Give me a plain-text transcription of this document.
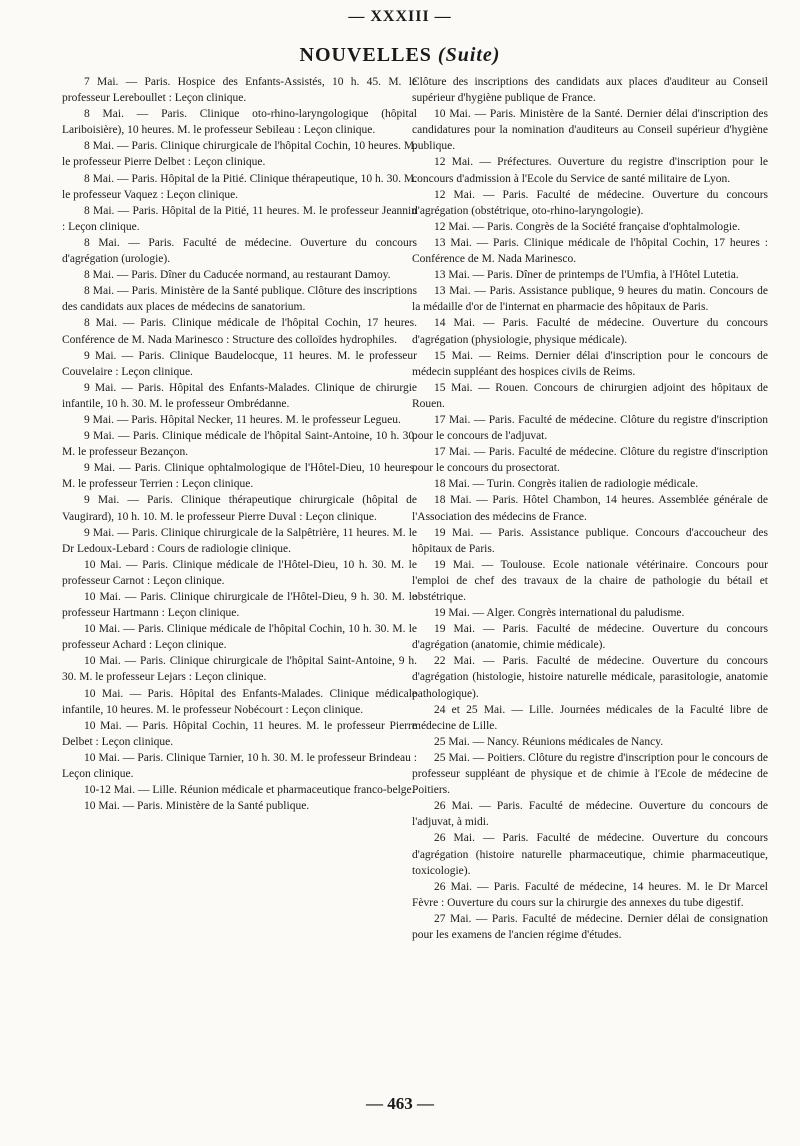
— XXXIII —
NOUVELLES (Suite)

7 Mai. — Paris. Hospice des Enfants-Assistés, 10 h. 45. M. le professeur Lereboullet : Leçon clinique.

8 Mai. — Paris. Clinique oto-rhino-laryngologique (hôpital Lariboisière), 10 heures. M. le professeur Sebileau : Leçon clinique.

8 Mai. — Paris. Clinique chirurgicale de l'hôpital Cochin, 10 heures. M. le professeur Pierre Delbet : Leçon clinique.

8 Mai. — Paris. Hôpital de la Pitié. Clinique thérapeutique, 10 h. 30. M. le professeur Vaquez : Leçon clinique.

8 Mai. — Paris. Hôpital de la Pitié, 11 heures. M. le professeur Jeannin : Leçon clinique.

8 Mai. — Paris. Faculté de médecine. Ouverture du concours d'agrégation (urologie).

8 Mai. — Paris. Dîner du Caducée normand, au restaurant Damoy.

8 Mai. — Paris. Ministère de la Santé publique. Clôture des inscriptions des candidats aux places de médecins de sanatorium.

8 Mai. — Paris. Clinique médicale de l'hôpital Cochin, 17 heures. Conférence de M. Nada Marinesco : Structure des colloïdes hydrophiles.

9 Mai. — Paris. Clinique Baudelocque, 11 heures. M. le professeur Couvelaire : Leçon clinique.

9 Mai. — Paris. Hôpital des Enfants-Malades. Clinique de chirurgie infantile, 10 h. 30. M. le professeur Ombrédanne.

9 Mai. — Paris. Hôpital Necker, 11 heures. M. le professeur Legueu.

9 Mai. — Paris. Clinique médicale de l'hôpital Saint-Antoine, 10 h. 30. M. le professeur Bezançon.

9 Mai. — Paris. Clinique ophtalmologique de l'Hôtel-Dieu, 10 heures. M. le professeur Terrien : Leçon clinique.

9 Mai. — Paris. Clinique thérapeutique chirurgicale (hôpital de Vaugirard), 10 h. 10. M. le professeur Pierre Duval : Leçon clinique.

9 Mai. — Paris. Clinique chirurgicale de la Salpêtrière, 11 heures. M. le Dr Ledoux-Lebard : Cours de radiologie clinique.

10 Mai. — Paris. Clinique médicale de l'Hôtel-Dieu, 10 h. 30. M. le professeur Carnot : Leçon clinique.

10 Mai. — Paris. Clinique chirurgicale de l'Hôtel-Dieu, 9 h. 30. M. le professeur Hartmann : Leçon clinique.

10 Mai. — Paris. Clinique médicale de l'hôpital Cochin, 10 h. 30. M. le professeur Achard : Leçon clinique.

10 Mai. — Paris. Clinique chirurgicale de l'hôpital Saint-Antoine, 9 h. 30. M. le professeur Lejars : Leçon clinique.

10 Mai. — Paris. Hôpital des Enfants-Malades. Clinique médicale infantile, 10 heures. M. le professeur Nobécourt : Leçon clinique.

10 Mai. — Paris. Hôpital Cochin, 11 heures. M. le professeur Pierre Delbet : Leçon clinique.

10 Mai. — Paris. Clinique Tarnier, 10 h. 30. M. le professeur Brindeau : Leçon clinique.

10-12 Mai. — Lille. Réunion médicale et pharmaceutique franco-belge.

10 Mai. — Paris. Ministère de la Santé publique.

Clôture des inscriptions des candidats aux places d'auditeur au Conseil supérieur d'hygiène publique de France.

10 Mai. — Paris. Ministère de la Santé. Dernier délai d'inscription des candidatures pour la nomination d'auditeurs au Conseil supérieur d'hygiène publique.

12 Mai. — Préfectures. Ouverture du registre d'inscription pour le concours d'admission à l'Ecole du Service de santé militaire de Lyon.

12 Mai. — Paris. Faculté de médecine. Ouverture du concours d'agrégation (obstétrique, oto-rhino-laryngologie).

12 Mai. — Paris. Congrès de la Société française d'ophtalmologie.

13 Mai. — Paris. Clinique médicale de l'hôpital Cochin, 17 heures : Conférence de M. Nada Marinesco.

13 Mai. — Paris. Dîner de printemps de l'Umfia, à l'Hôtel Lutetia.

13 Mai. — Paris. Assistance publique, 9 heures du matin. Concours de la médaille d'or de l'internat en pharmacie des hôpitaux de Paris.

14 Mai. — Paris. Faculté de médecine. Ouverture du concours d'agrégation (physiologie, physique médicale).

15 Mai. — Reims. Dernier délai d'inscription pour le concours de médecin suppléant des hospices civils de Reims.

15 Mai. — Rouen. Concours de chirurgien adjoint des hôpitaux de Rouen.

17 Mai. — Paris. Faculté de médecine. Clôture du registre d'inscription pour le concours de l'adjuvat.

17 Mai. — Paris. Faculté de médecine. Clôture du registre d'inscription pour le concours du prosectorat.

18 Mai. — Turin. Congrès italien de radiologie médicale.

18 Mai. — Paris. Hôtel Chambon, 14 heures. Assemblée générale de l'Association des médecins de France.

19 Mai. — Paris. Assistance publique. Concours d'accoucheur des hôpitaux de Paris.

19 Mai. — Toulouse. Ecole nationale vétérinaire. Concours pour l'emploi de chef des travaux de la chaire de pathologie du bétail et obstétrique.

19 Mai. — Alger. Congrès international du paludisme.

19 Mai. — Paris. Faculté de médecine. Ouverture du concours d'agrégation (anatomie, chimie médicale).

22 Mai. — Paris. Faculté de médecine. Ouverture du concours d'agrégation (histologie, histoire naturelle médicale, parasitologie, anatomie pathologique).

24 et 25 Mai. — Lille. Journées médicales de la Faculté libre de médecine de Lille.

25 Mai. — Nancy. Réunions médicales de Nancy.

25 Mai. — Poitiers. Clôture du registre d'inscription pour le concours de professeur suppléant de physique et de chimie à l'Ecole de médecine de Poitiers.

26 Mai. — Paris. Faculté de médecine. Ouverture du concours de l'adjuvat, à midi.

26 Mai. — Paris. Faculté de médecine. Ouverture du concours d'agrégation (histoire naturelle pharmaceutique, chimie pharmaceutique, toxicologie).

26 Mai. — Paris. Faculté de médecine, 14 heures. M. le Dr Marcel Fèvre : Ouverture du cours sur la chirurgie des annexes du tube digestif.

27 Mai. — Paris. Faculté de médecine. Dernier délai de consignation pour les examens de l'ancien régime d'études.

— 463 —
